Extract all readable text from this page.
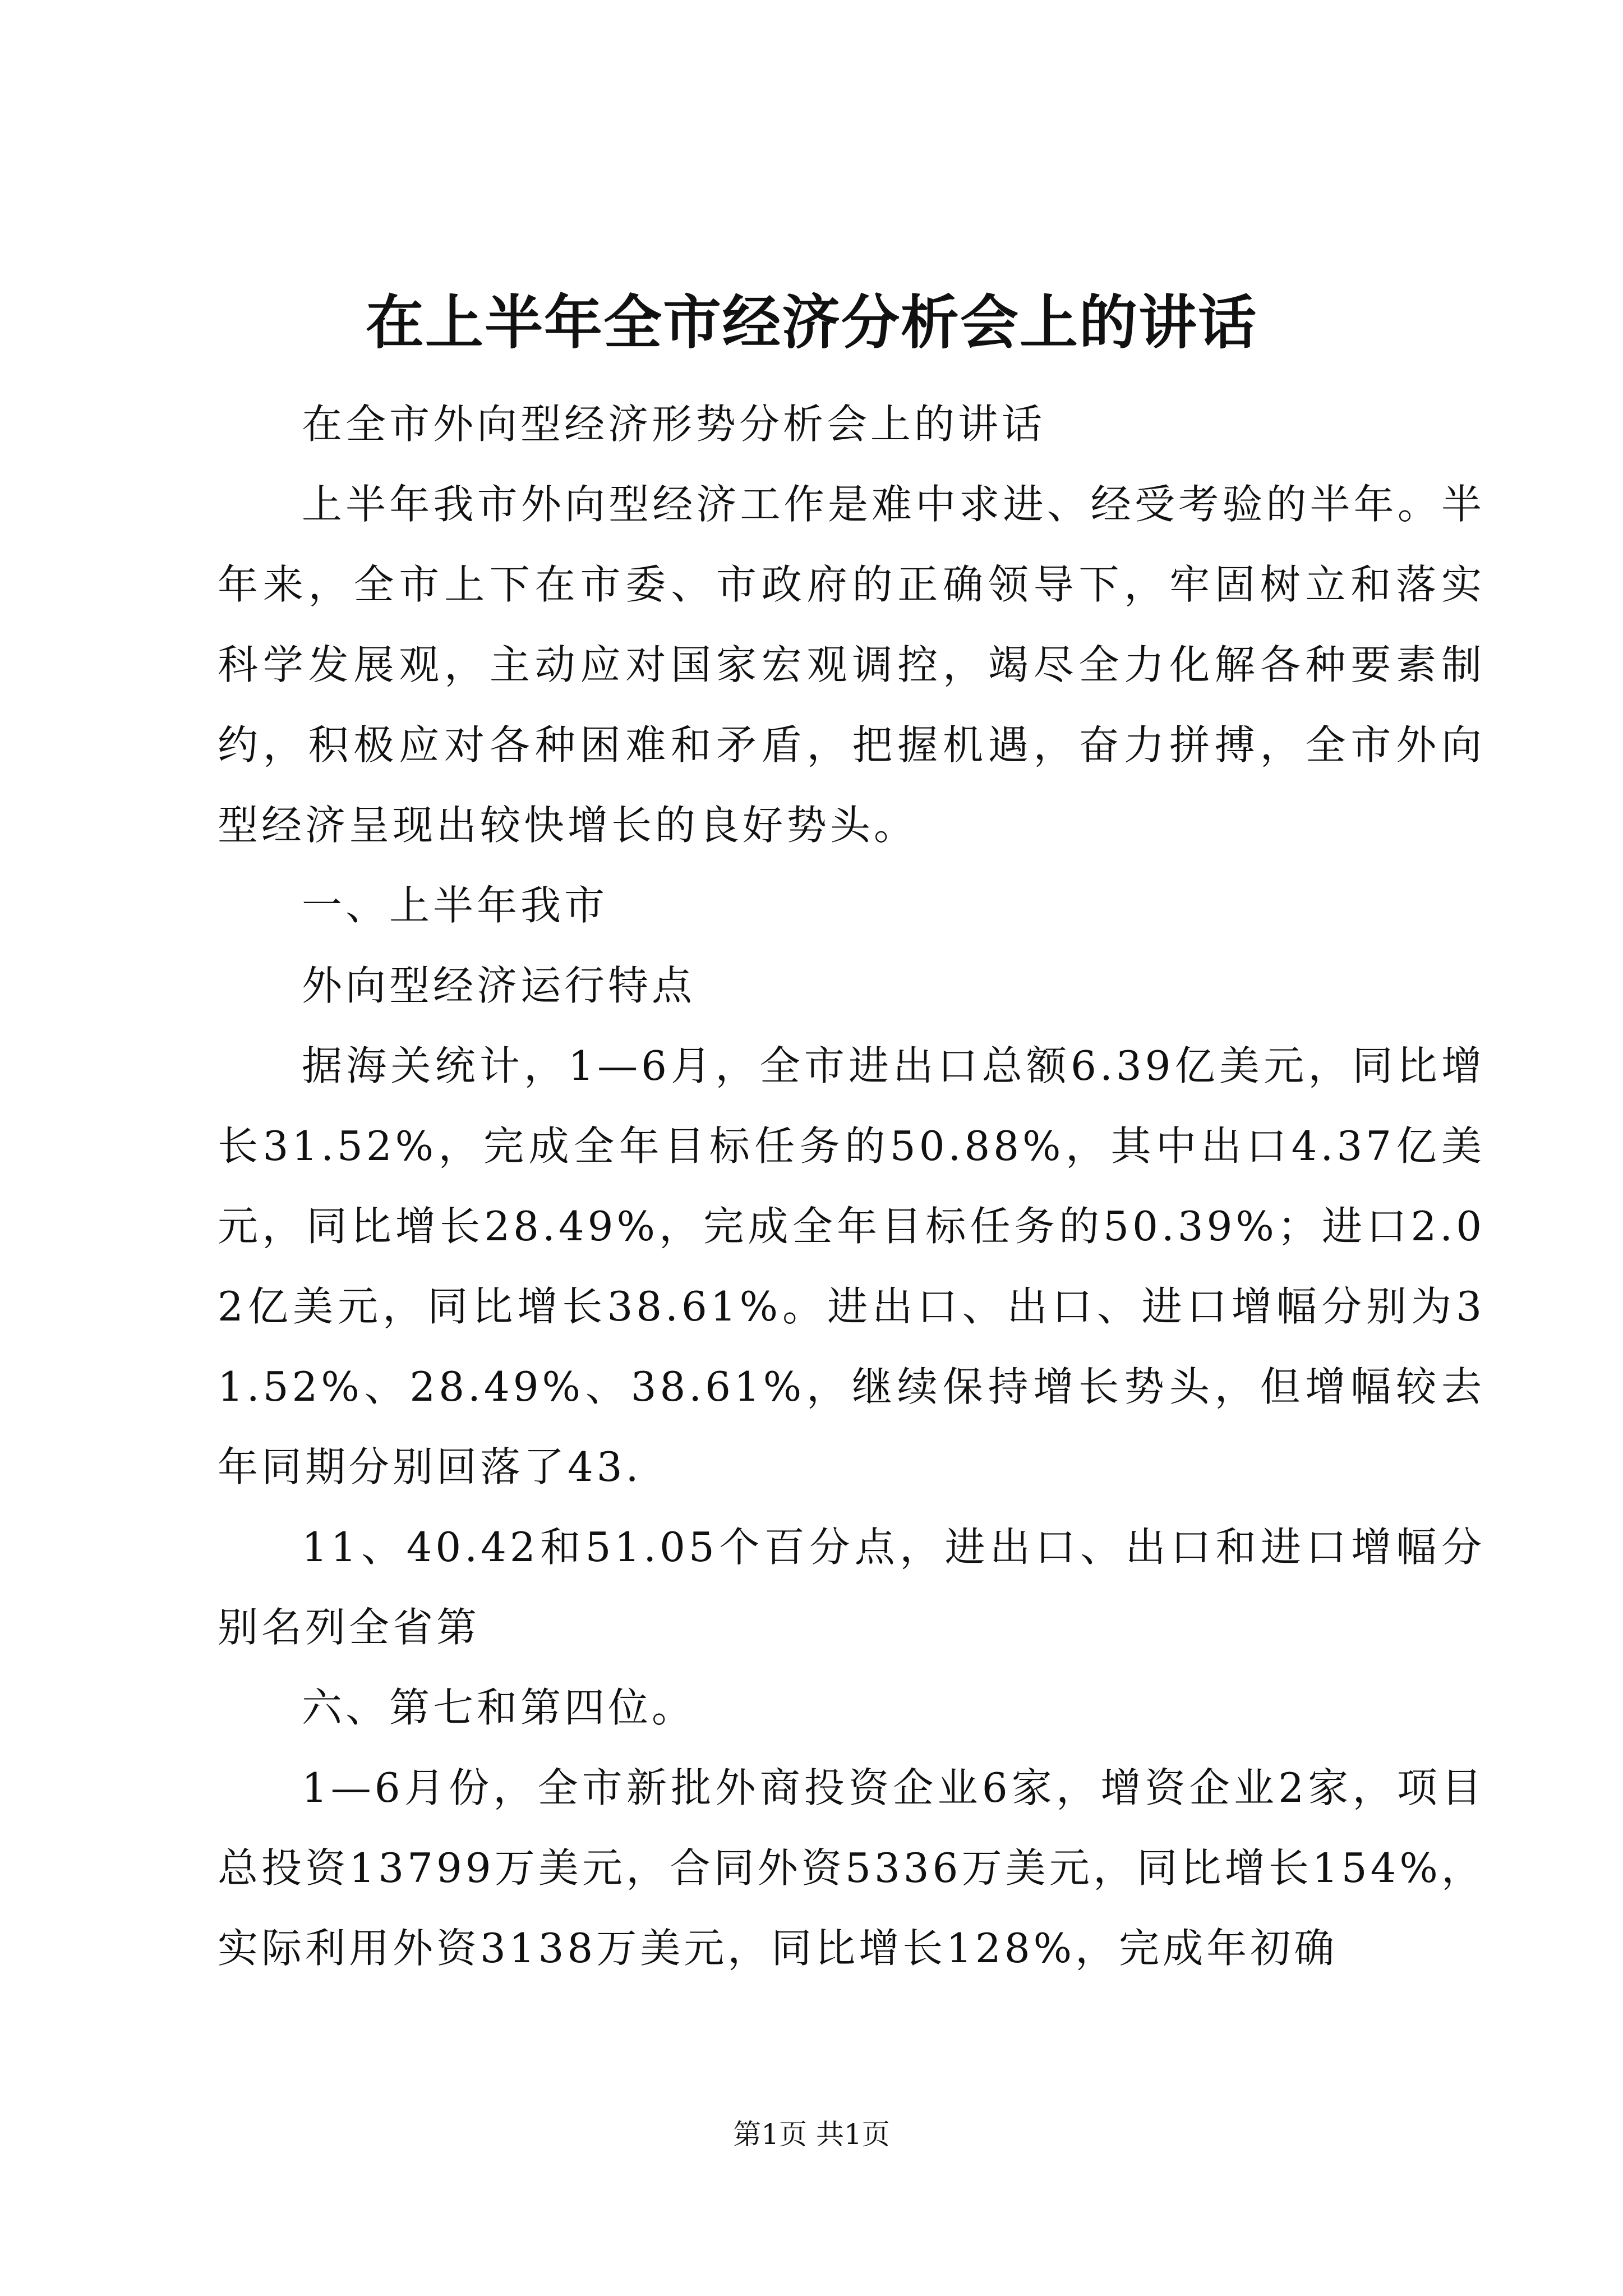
在上半年全市经济分析会上的讲话

在全市外向型经济形势分析会上的讲话

上半年我市外向型经济工作是难中求进、经受考验的半年。半年来，全市上下在市委、市政府的正确领导下，牢固树立和落实科学发展观，主动应对国家宏观调控，竭尽全力化解各种要素制约，积极应对各种困难和矛盾，把握机遇，奋力拼搏，全市外向型经济呈现出较快增长的良好势头。

一、上半年我市

外向型经济运行特点

据海关统计，1—6月，全市进出口总额6.39亿美元，同比增长31.52%，完成全年目标任务的50.88%，其中出口4.37亿美元，同比增长28.49%，完成全年目标任务的50.39%；进口2.02亿美元，同比增长38.61%。进出口、出口、进口增幅分别为31.52%、28.49%、38.61%，继续保持增长势头，但增幅较去年同期分别回落了43.

11、40.42和51.05个百分点，进出口、出口和进口增幅分别名列全省第

六、第七和第四位。

1—6月份，全市新批外商投资企业6家，增资企业2家，项目总投资13799万美元，合同外资5336万美元，同比增长154%，实际利用外资3138万美元，同比增长128%，完成年初确

第1页 共1页
